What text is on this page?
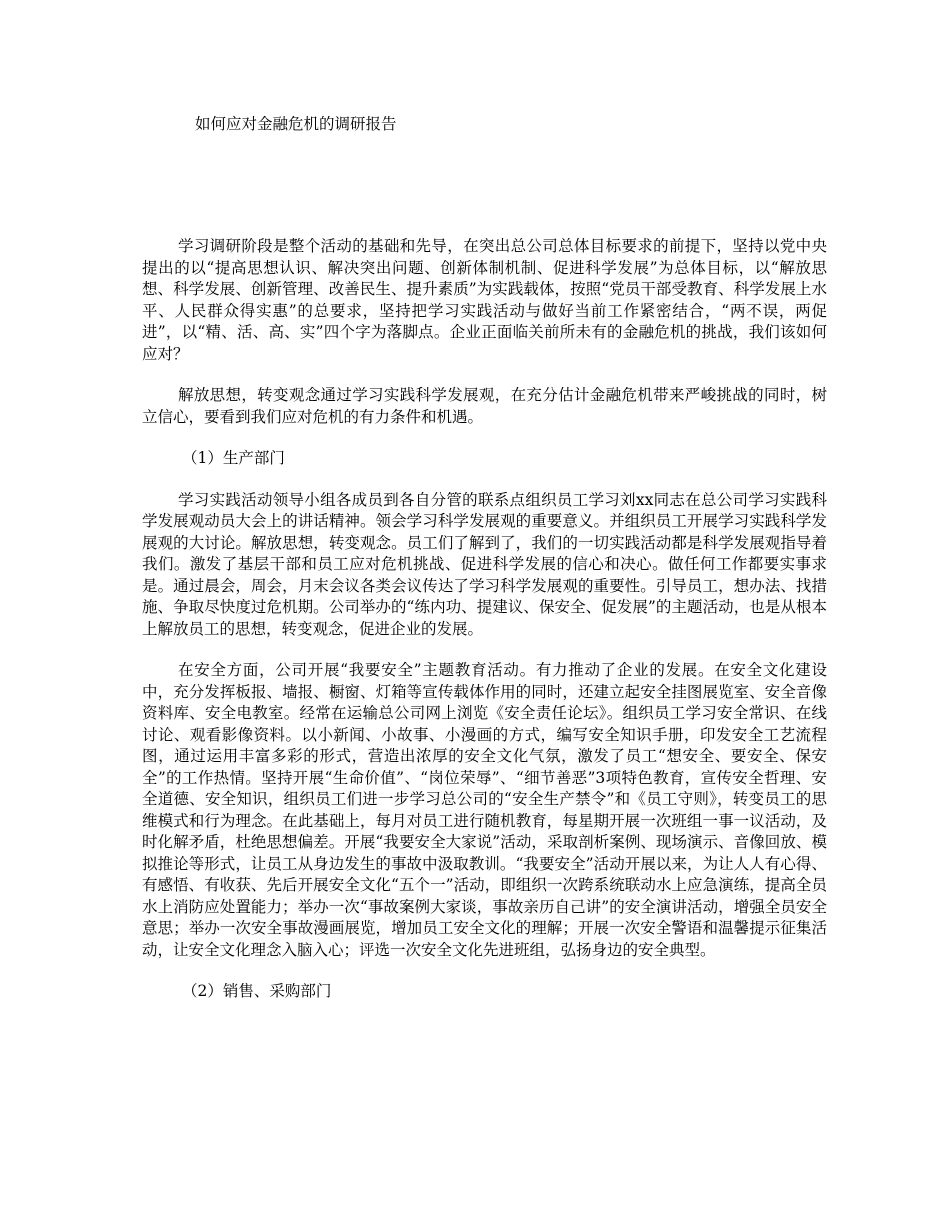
如何应对金融危机的调研报告

学习调研阶段是整个活动的基础和先导，在突出总公司总体目标要求的前提下，坚持以党中央提出的以“提高思想认识、解决突出问题、创新体制机制、促进科学发展”为总体目标，以“解放思想、科学发展、创新管理、改善民生、提升素质”为实践载体，按照“党员干部受教育、科学发展上水平、人民群众得实惠”的总要求，坚持把学习实践活动与做好当前工作紧密结合，“两不误，两促进”，以“精、活、高、实”四个字为落脚点。企业正面临关前所未有的金融危机的挑战，我们该如何应对？

解放思想，转变观念通过学习实践科学发展观，在充分估计金融危机带来严峻挑战的同时，树立信心，要看到我们应对危机的有力条件和机遇。

（1）生产部门

学习实践活动领导小组各成员到各自分管的联系点组织员工学习刘xx同志在总公司学习实践科学发展观动员大会上的讲话精神。领会学习科学发展观的重要意义。并组织员工开展学习实践科学发展观的大讨论。解放思想，转变观念。员工们了解到了，我们的一切实践活动都是科学发展观指导着我们。激发了基层干部和员工应对危机挑战、促进科学发展的信心和决心。做任何工作都要实事求是。通过晨会，周会，月末会议各类会议传达了学习科学发展观的重要性。引导员工，想办法、找措施、争取尽快度过危机期。公司举办的“练内功、提建议、保安全、促发展”的主题活动，也是从根本上解放员工的思想，转变观念，促进企业的发展。

在安全方面，公司开展“我要安全”主题教育活动。有力推动了企业的发展。在安全文化建设中，充分发挥板报、墙报、橱窗、灯箱等宣传载体作用的同时，还建立起安全挂图展览室、安全音像资料库、安全电教室。经常在运输总公司网上浏览《安全责任论坛》。组织员工学习安全常识、在线讨论、观看影像资料。以小新闻、小故事、小漫画的方式，编写安全知识手册，印发安全工艺流程图，通过运用丰富多彩的形式，营造出浓厚的安全文化气氛，激发了员工“想安全、要安全、保安全”的工作热情。坚持开展“生命价值”、“岗位荣辱”、“细节善恶”3项特色教育，宣传安全哲理、安全道德、安全知识，组织员工们进一步学习总公司的“安全生产禁令”和《员工守则》，转变员工的思维模式和行为理念。在此基础上，每月对员工进行随机教育，每星期开展一次班组一事一议活动，及时化解矛盾，杜绝思想偏差。开展“我要安全大家说”活动，采取剖析案例、现场演示、音像回放、模拟推论等形式，让员工从身边发生的事故中汲取教训。“我要安全”活动开展以来，为让人人有心得、有感悟、有收获、先后开展安全文化“五个一”活动，即组织一次跨系统联动水上应急演练，提高全员水上消防应处置能力；举办一次“事故案例大家谈，事故亲历自己讲”的安全演讲活动，增强全员安全意思；举办一次安全事故漫画展览，增加员工安全文化的理解；开展一次安全警语和温馨提示征集活动，让安全文化理念入脑入心；评选一次安全文化先进班组，弘扬身边的安全典型。

（2）销售、采购部门
